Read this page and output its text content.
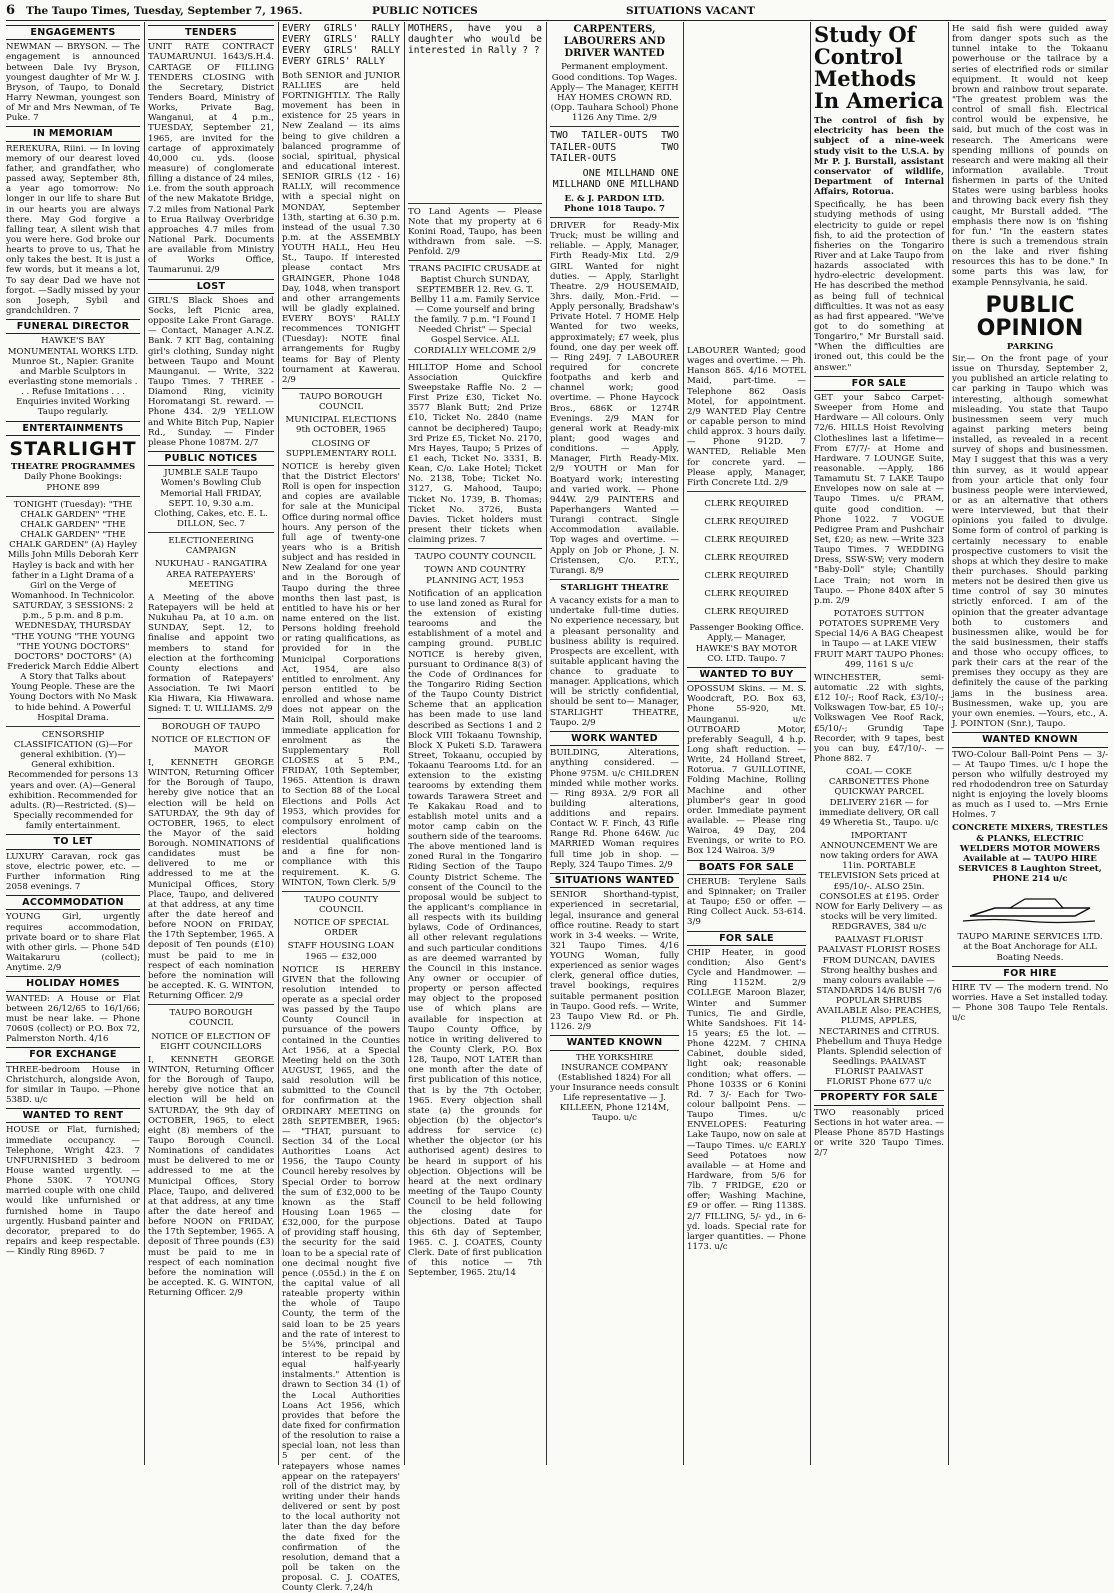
6 The Taupo Times, Tuesday, September 7, 1965.	PUBLIC NOTICES	SITUATIONS VACANT
ENGAGEMENTS

NEWMAN — BRYSON. — The engagement is announced between Dale Ivy Bryson, youngest daughter of Mr W. J. Bryson, of Taupo, to Donald Harry Newman, youngest son of Mr and Mrs Newman, of Te Puke. 7

IN MEMORIAM

REREKURA, Riini. — In loving memory of our dearest loved father, and grandfather, who passed away, September 8th, a year ago tomorrow: No longer in our life to share But in our hearts you are always there. May God forgive a falling tear, A silent wish that you were here. God broke our hearts to prove to us, That he only takes the best. It is just a few words, but it means a lot, To say dear Dad we have not forgot. —Sadly missed by your son Joseph, Sybil and grandchildren. 7

FUNERAL DIRECTOR

HAWKE'S BAY MONUMENTAL WORKS LTD. Munroe St., Napier. Granite and Marble Sculptors in everlasting stone memorials . . . Refuse Imitations . . . Enquiries invited Working Taupo regularly.

ENTERTAINMENTS
STARLIGHT
THEATRE PROGRAMMES
Daily Phone Bookings: PHONE 899

TONIGHT (Tuesday): "THE CHALK GARDEN" "THE CHALK GARDEN" "THE CHALK GARDEN" "THE CHALK GARDEN" (A) Hayley Mills John Mills Deborah Kerr Hayley is back and with her father in a Light Drama of a Girl on the Verge of Womanhood. In Technicolor. SATURDAY, 3 SESSIONS: 2 p.m., 5 p.m. and 8 p.m. WEDNESDAY, THURSDAY "THE YOUNG "THE YOUNG "THE YOUNG DOCTORS" DOCTORS" DOCTORS" (A) Frederick March Eddie Albert A Story that Talks about Young People. These are the Young Doctors with No Mask to hide behind. A Powerful Hospital Drama.

CENSORSHIP CLASSIFICATION (G)—For general exhibition. (Y)—General exhibition. Recommended for persons 13 years and over. (A)—General exhibition. Recommended for adults. (R)—Restricted. (S)—Specially recommended for family entertainment.

TO LET

LUXURY Caravan, rock gas stove, electric power, etc. — Further information Ring 2058 evenings. 7

ACCOMMODATION

YOUNG Girl, urgently requires accommodation, private board or to share Flat with other girls. — Phone 54D Waitakaruru (collect); Anytime. 2/9

HOLIDAY HOMES

WANTED: A House or Flat between 26/12/65 to 16/1/66; must be near lake. — Phone 7060S (collect) or P.O. Box 72, Palmerston North. 4/16

FOR EXCHANGE

THREE-bedroom House in Christchurch, alongside Avon, for similar in Taupo. —Phone 538D. u/c

WANTED TO RENT

HOUSE or Flat, furnished; immediate occupancy. — Telephone, Wright 423. 7 UNFURNISHED 3 bedroom House wanted urgently. — Phone 530K. 7 YOUNG married couple with one child would like unfurnished or furnished home in Taupo urgently. Husband painter and decorator, prepared to do repairs and keep respectable. — Kindly Ring 896D. 7

TENDERS

UNIT RATE CONTRACT TAUMARUNUI. 1643/S.H.4. CARTAGE OF FILLING TENDERS CLOSING with the Secretary, District Tenders Board, Ministry of Works, Private Bag, Wanganui, at 4 p.m., TUESDAY, September 21, 1965, are invited for the cartage of approximately 40,000 cu. yds. (loose measure) of conglomerate filling a distance of 24 miles, i.e. from the south approach of the new Makatote Bridge, 7.2 miles from National Park to Erua Railway Overbridge approaches 4.7 miles from National Park. Documents are available from Ministry of Works Office, Taumarunui. 2/9

LOST

GIRL'S Black Shoes and Socks, left Picnic area, opposite Lake Front Garage. — Contact, Manager A.N.Z. Bank. 7 KIT Bag, containing girl's clothing, Sunday night between Taupo and Mount Maunganui. — Write, 322 Taupo Times. 7 THREE - Diamond Ring, vicinity Horomatangi St. reward. — Phone 434. 2/9 YELLOW and White Bitch Pup, Napier Rd., Sunday. — Finder please Phone 1087M. 2/7

PUBLIC NOTICES

JUMBLE SALE Taupo Women's Bowling Club Memorial Hall FRIDAY, SEPT. 10, 9.30 a.m. Clothing, Cakes, etc. E. L. DILLON, Sec. 7

ELECTIONEERING CAMPAIGN

NUKUHAU - RANGATIRA AREA RATEPAYERS' MEETING

A Meeting of the above Ratepayers will be held at Nukuhau Pa, at 10 a.m. on SUNDAY, Sept. 12, to finalise and appoint two members to stand for election at the forthcoming County elections and formation of Ratepayers' Association. Te Iwi Maori Kia Hiwara, Kia Hiwawara. Signed: T. U. WILLIAMS. 2/9

BOROUGH OF TAUPO

NOTICE OF ELECTION OF MAYOR

I, KENNETH GEORGE WINTON, Returning Officer for the Borough of Taupo, hereby give notice that an election will be held on SATURDAY, the 9th day of OCTOBER, 1965, to elect the Mayor of the said Borough. NOMINATIONS of candidates must be delivered to me or addressed to me at the Municipal Offices, Story Place, Taupo, and delivered at that address, at any time after the date hereof and before NOON on FRIDAY, the 17th September, 1965. A deposit of Ten pounds (£10) must be paid to me in respect of each nomination before the nomination will be accepted. K. G. WINTON, Returning Officer. 2/9

TAUPO BOROUGH COUNCIL

NOTICE OF ELECTION OF EIGHT COUNCILLORS

I, KENNETH GEORGE WINTON, Returning Officer for the Borough of Taupo, hereby give notice that an election will be held on SATURDAY, the 9th day of OCTOBER, 1965, to elect eight (8) members of the Taupo Borough Council. Nominations of candidates must be delivered to me or addressed to me at the Municipal Offices, Story Place, Taupo, and delivered at that address, at any time after the date hereof and before NOON on FRIDAY, the 17th September, 1965. A deposit of Three pounds (£3) must be paid to me in respect of each nomination before the nomination will be accepted. K. G. WINTON, Returning Officer. 2/9

EVERY GIRLS' RALLY EVERY GIRLS' RALLY EVERY GIRLS' RALLY EVERY GIRLS' RALLY

Both SENIOR and JUNIOR RALLIES are held FORTNIGHTLY. The Rally movement has been in existence for 25 years in New Zealand — its aims being to give children a balanced programme of social, spiritual, physical and educational interest. SENIOR GIRLS (12 - 16) RALLY, will recommence with a special night on MONDAY, September 13th, starting at 6.30 p.m. instead of the usual 7.30 p.m. at the ASSEMBLY YOUTH HALL, Heu Heu St., Taupo. If interested please contact Mrs GRAINGER, Phone 1048 Day, 1048, when transport and other arrangements will be gladly explained. EVERY BOYS' RALLY recommences TONIGHT (Tuesday): NOTE final arrangements for Rugby teams for Bay of Plenty tournament at Kawerau. 2/9

TAUPO BOROUGH COUNCIL

MUNICIPAL ELECTIONS 9th OCTOBER, 1965

CLOSING OF SUPPLEMENTARY ROLL

NOTICE is hereby given that the District Electors' Roll is open for inspection and copies are available for sale at the Municipal Office during normal office hours. Any person of the full age of twenty-one years who is a British subject and has resided in New Zealand for one year and in the Borough of Taupo during the three months then last past, is entitled to have his or her name entered on the list. Persons holding freehold or rating qualifications, as provided for in the Municipal Corporations Act, 1954, are also entitled to enrolment. Any person entitled to be enrolled and whose name does not appear on the Main Roll, should make immediate application for enrolment as the Supplementary Roll CLOSES at 5 P.M., FRIDAY, 10th September, 1965. Attention is drawn to Section 88 of the Local Elections and Polls Act 1953, which provides for compulsory enrolment of electors holding residential qualifications and a fine for non-compliance with this requirement. K. G. WINTON, Town Clerk. 5/9

TAUPO COUNTY COUNCIL

NOTICE OF SPECIAL ORDER

STAFF HOUSING LOAN 1965 — £32,000

NOTICE IS HEREBY GIVEN that the following resolution intended to operate as a special order was passed by the Taupo County Council in pursuance of the powers contained in the Counties Act 1956, at a Special Meeting held on the 30th AUGUST, 1965, and the said resolution will be submitted to the Council for confirmation at the ORDINARY MEETING on 28th SEPTEMBER, 1965:— "THAT, pursuant to Section 34 of the Local Authorities Loans Act 1956, the Taupo County Council hereby resolves by Special Order to borrow the sum of £32,000 to be known as the Staff Housing Loan 1965 — £32,000, for the purpose of providing staff housing, the security for the said loan to be a special rate of one decimal nought five pence (.055d.) in the £ on the capital value of all rateable property within the whole of Taupo County, the term of the said loan to be 25 years and the rate of interest to be 5¼%, principal and interest to be repaid by equal half-yearly instalments." Attention is drawn to Section 34 (1) of the Local Authorities Loans Act 1956, which provides that before the date fixed for confirmation of the resolution to raise a special loan, not less than 5 per cent. of the ratepayers whose names appear on the ratepayers' roll of the district may, by writing under their hands delivered or sent by post to the local authority not later than the day before the date fixed for the confirmation of the resolution, demand that a poll be taken on the proposal. C. J. COATES, County Clerk. 7,24/h

MOTHERS, have you a daughter who would be interested in Rally ? ?

TO Land Agents — Please Note that my property at 6 Konini Road, Taupo, has been withdrawn from sale. —S. Penfold. 2/9

TRANS PACIFIC CRUSADE at Baptist Church SUNDAY, SEPTEMBER 12. Rev. G. T. Bellby 11 a.m. Family Service — Come yourself and bring the family. 7 p.m. "I Found I Needed Christ" — Special Gospel Service. ALL CORDIALLY WELCOME 2/9

HILLTOP Home and School Association Quickfire Sweepstake Raffle No. 2 — First Prize £30, Ticket No. 3577 Blank Butt; 2nd Prize £10, Ticket No. 2840 (name cannot be deciphered) Taupo; 3rd Prize £5, Ticket No. 2170, Mrs Hayes, Taupo; 5 Prizes of £1 each, Ticket No. 3331, B. Kean, C/o. Lake Hotel; Ticket No. 2138, Tobe; Ticket No. 3127, G. Mahood, Taupo; Ticket No. 1739, B. Thomas; Ticket No. 3726, Busta Davies. Ticket holders must present their tickets when claiming prizes. 7

TAUPO COUNTY COUNCIL

TOWN AND COUNTRY PLANNING ACT, 1953

Notification of an application to use land zoned as Rural for the extension of existing tearooms and the establishment of a motel and camping ground. PUBLIC NOTICE is hereby given, pursuant to Ordinance 8(3) of the Code of Ordinances for the Tongariro Riding Section of the Taupo County District Scheme that an application has been made to use land described as Sections 1 and 2 Block VIII Tokaanu Township, Block X Puketi S.D. Tarawera Street, Tokaanu, occupied by Tokaanu Tearooms Ltd. for an extension to the existing tearooms by extending them towards Tarawera Street and Te Kakakau Road and to establish motel units and a motor camp cabin on the southern side of the tearooms. The above mentioned land is zoned Rural in the Tongariro Riding Section of the Taupo County District Scheme. The consent of the Council to the proposal would be subject to the applicant's compliance in all respects with its building bylaws, Code of Ordinances, all other relevant regulations and such particular conditions as are deemed warranted by the Council in this instance. Any owner or occupier of property or person affected may object to the proposed use of which plans are available for inspection at Taupo County Office, by notice in writing delivered to the County Clerk, P.O. Box 128, Taupo, NOT LATER than one month after the date of first publication of this notice, that is by the 7th October, 1965. Every objection shall state (a) the grounds for objection (b) the objector's address for service (c) whether the objector (or his authorised agent) desires to be heard in support of his objection. Objections will be heard at the next ordinary meeting of the Taupo County Council to be held following the closing date for objections. Dated at Taupo this 6th day of September, 1965. C. J. COATES, County Clerk. Date of first publication of this notice — 7th September, 1965. 2tu/14

CARPENTERS, LABOURERS AND DRIVER WANTED

Permanent employment. Good conditions. Top Wages. Apply— The Manager, KEITH HAY HOMES CROWN RD. (Opp. Tauhara School) Phone 1126 Any Time. 2/9

TWO TAILER-OUTS TWO TAILER-OUTS TWO TAILER-OUTS

ONE MILLHAND ONE MILLHAND ONE MILLHAND

E. & J. PARDON LTD. Phone 1018 Taupo. 7

DRIVER for Ready-Mix Truck; must be willing and reliable. — Apply, Manager, Firth Ready-Mix Ltd. 2/9 GIRL Wanted for night duties. — Apply, Starlight Theatre. 2/9 HOUSEMAID, 3hrs. daily, Mon.-Frid. — Apply personally, Bradshaw's Private Hotel. 7 HOME Help Wanted for two weeks, approximately; £7 week, plus found, one day per week off. — Ring 249J. 7 LABOURER required for concrete footpaths and kerb and channel work; good overtime. — Phone Haycock Bros., 686K or 1274R Evenings. 2/9 MAN for general work at Ready-mix plant; good wages and conditions. — Apply, Manager, Firth Ready-Mix. 2/9 YOUTH or Man for Boatyard work; interesting and varied work. — Phone 944W. 2/9 PAINTERS and Paperhangers Wanted — Turangi contract. Single Accommodation available. Top wages and overtime. — Apply on Job or Phone, J. N. Cristensen, C/o. P.T.Y., Turangi. 8/9

STARLIGHT THEATRE

A vacancy exists for a man to undertake full-time duties. No experience necessary, but a pleasant personality and business ability is required. Prospects are excellent, with suitable applicant having the chance to graduate to manager. Applications, which will be strictly confidential, should be sent to— Manager, STARLIGHT THEATRE, Taupo. 2/9

WORK WANTED

BUILDING, Alterations, anything considered. — Phone 975M. u/c CHILDREN minded while mother works. — Ring 893A. 2/9 FOR all building alterations, additions and repairs. Contact W. F. Finch, 43 Rifle Range Rd. Phone 646W. /uc MARRIED Woman requires full time job in shop. — Reply, 324 Taupo Times. 2/9

SITUATIONS WANTED

SENIOR Shorthand-typist, experienced in secretarial, legal, insurance and general office routine. Ready to start work in 3-4 weeks. — Write, 321 Taupo Times. 4/16 YOUNG Woman, fully experienced as senior wages clerk, general office duties, travel bookings, requires suitable permanent position in Taupo. Good refs. — Write, 23 Taupo View Rd. or Ph. 1126. 2/9

WANTED KNOWN

THE YORKSHIRE INSURANCE COMPANY (Established 1824) For all your Insurance needs consult Life representative — J. KILLEEN, Phone 1214M, Taupo. u/c

LABOURER Wanted; good wages and overtime. — Ph. Hanson 865. 4/16 MOTEL Maid, part-time. — Telephone 862 Oasis Motel, for appointment. 2/9 WANTED Play Centre or capable person to mind child approx. 3 hours daily. — Phone 912D. 7 WANTED, Reliable Men for concrete yard. — Please apply, Manager, Firth Concrete Ltd. 2/9

CLERK REQUIRED
CLERK REQUIRED
CLERK REQUIRED
CLERK REQUIRED
CLERK REQUIRED
CLERK REQUIRED
CLERK REQUIRED

Passenger Booking Office. Apply,— Manager, HAWKE'S BAY MOTOR CO. LTD. Taupo. 7

WANTED TO BUY

OPOSSUM Skins. — M. S. Woodcraft, P.O. Box 63, Phone 55-920, Mt. Maunganui. u/c OUTBOARD Motor, preferably Seagull, 4 h.p. Long shaft reduction. — Write, 24 Holland Street, Rotorua. 7 GUILLOTINE, Folding Machine, Rolling Machine and other plumber's gear in good order. Immediate payment available. — Please ring Wairoa, 49 Day, 204 Evenings, or write to P.O. Box 124 Wairoa. 3/9

BOATS FOR SALE

CHERUB: Terylene Sails and Spinnaker; on Trailer at Taupo; £50 or offer. — Ring Collect Auck. 53-614. 3/9

FOR SALE

CHIP Heater, in good condition; Also Gent's Cycle and Handmower. — Ring 1152M. 2/9 COLLEGE Maroon Blazer, Winter and Summer Tunics, Tie and Girdle, White Sandshoes. Fit 14-15 years; £5 the lot. — Phone 422M. 7 CHINA Cabinet, double sided, light oak; reasonable condition; what offers. — Phone 1033S or 6 Konini Rd. 7 3/- Each for Two-colour ballpoint Pens. — Taupo Times. u/c ENVELOPES: Featuring Lake Taupo, now on sale at —Taupo Times. u/c EARLY Seed Potatoes now available — at Home and Hardware, from 5/6 for 7lb. 7 FRIDGE, £20 or offer; Washing Machine, £9 or offer. — Ring 1138S. 2/7 FILLING, 5/- yd., in 6-yd. loads. Special rate for larger quantities. — Phone 1173. u/c

Study Of Control Methods In America

The control of fish by electricity has been the subject of a nine-week study visit to the U.S.A. by Mr P. J. Burstall, assistant conservator of wildlife, Department of Internal Affairs, Rotorua.

Specifically, he has been studying methods of using electricity to guide or repel fish, to aid the protection of fisheries on the Tongariro River and at Lake Taupo from hazards associated with hydro-electric development. He has described the method as being full of technical difficulties. It was not as easy as had first appeared. "We've got to do something at Tongariro," Mr Burstall said. "When the difficulties are ironed out, this could be the answer."

FOR SALE

GET your Sabco Carpet-Sweeper from Home and Hardware — All colours. Only 72/6. HILLS Hoist Revolving Clotheslines last a lifetime— From £7/7/- at Home and Hardware. 7 LOUNGE Suite, reasonable. —Apply, 186 Tamamutu St. 7 LAKE Taupo Envelopes now on sale at — Taupo Times. u/c PRAM, quite good condition. — Phone 1022. 7 VOGUE Pedigree Pram and Pushchair Set, £20; as new. —Write 323 Taupo Times. 7 WEDDING Dress, SSW-SW; very modern "Baby-Doll" style; Chantilly Lace Train; not worn in Taupo. — Phone 840X after 5 p.m. 2/9

POTATOES SUTTON POTATOES SUPREME Very Special 14/6 A BAG Cheapest in Taupo — at LAKE VIEW FRUIT MART TAUPO Phones: 499, 1161 S u/c

WINCHESTER, semi-automatic .22 with sights, £12 10/-; Roof Rack, £3/10/-; Volkswagen Tow-bar, £5 10/-; Volkswagen Vee Roof Rack, £5/10/-; Grundig Tape Recorder, with 9 tapes, best you can buy, £47/10/-. — Phone 882. 7

COAL — COKE CARBONETTES Phone QUICKWAY PARCEL DELIVERY 216R — for immediate delivery, OR call 49 Wheretia St., Taupo. u/c

IMPORTANT ANNOUNCEMENT We are now taking orders for AWA 11in. PORTABLE TELEVISION Sets priced at £95/10/-. ALSO 25in. CONSOLES at £195. Order NOW for Early Delivery — as stocks will be very limited. REDGRAVES, 384 u/c

PAALVAST FLORIST PAALVAST FLORIST ROSES FROM DUNCAN, DAVIES Strong healthy bushes and many colours available — STANDARDS 14/6 BUSH 7/6 POPULAR SHRUBS AVAILABLE Also: PEACHES, PLUMS, APPLES, NECTARINES and CITRUS. Phebellum and Thuya Hedge Plants. Splendid selection of Seedlings. PAALVAST FLORIST PAALVAST FLORIST Phone 677 u/c

PROPERTY FOR SALE

TWO reasonably priced Sections in hot water area. — Please Phone 857D Hastings or write 320 Taupo Times. 2/7

He said fish were guided away from danger spots such as the tunnel intake to the Tokaanu powerhouse or the tailrace by a series of electrified rods or similar equipment. It would not keep brown and rainbow trout separate. "The greatest problem was the control of small fish. Electrical control would be expensive, he said, but much of the cost was in research. The Americans were spending millions of pounds on research and were making all their information available. Trout fishermen in parts of the United States were using barbless hooks and throwing back every fish they caught, Mr Burstall added. "The emphasis there now is on 'fishing for fun.' "In the eastern states there is such a tremendous strain on the lake and river fishing resources this has to be done." In some parts this was law, for example Pennsylvania, he said.

PUBLIC OPINION
PARKING

Sir,— On the front page of your issue on Thursday, September 2, you published an article relating to car parking in Taupo which was interesting, although somewhat misleading. You state that Taupo businessmen seem very much against parking meters being installed, as revealed in a recent survey of shops and businessmen. May I suggest that this was a very thin survey, as it would appear from your article that only four business people were interviewed, or as an alternative that others were interviewed, but that their opinions you failed to divulge. Some form of control of parking is certainly necessary to enable prospective customers to visit the shops at which they desire to make their purchases. Should parking meters not be desired then give us time control of say 30 minutes strictly enforced. I am of the opinion that the greater advantage both to customers and businessmen alike, would be for the said businessmen, their staffs and those who occupy offices, to park their cars at the rear of the premises they occupy as they are definitely the cause of the parking jams in the business area. Businessmen, wake up, you are your own enemies. —Yours, etc., A. J. POINTON (Snr.), Taupo.

WANTED KNOWN

TWO-Colour Ball-Point Pens — 3/- — At Taupo Times. u/c I hope the person who wilfully destroyed my red rhododendron tree on Saturday night is enjoying the lovely blooms as much as I used to. —Mrs Ernie Holmes. 7

CONCRETE MIXERS, TRESTLES & PLANKS, ELECTRIC WELDERS MOTOR MOWERS Available at — TAUPO HIRE SERVICES 8 Laughton Street, PHONE 214 u/c

TAUPO MARINE SERVICES LTD. at the Boat Anchorage for ALL Boating Needs.

FOR HIRE

HIRE TV — The modern trend. No worries. Have a Set installed today. — Phone 308 Taupo Tele Rentals. u/c
